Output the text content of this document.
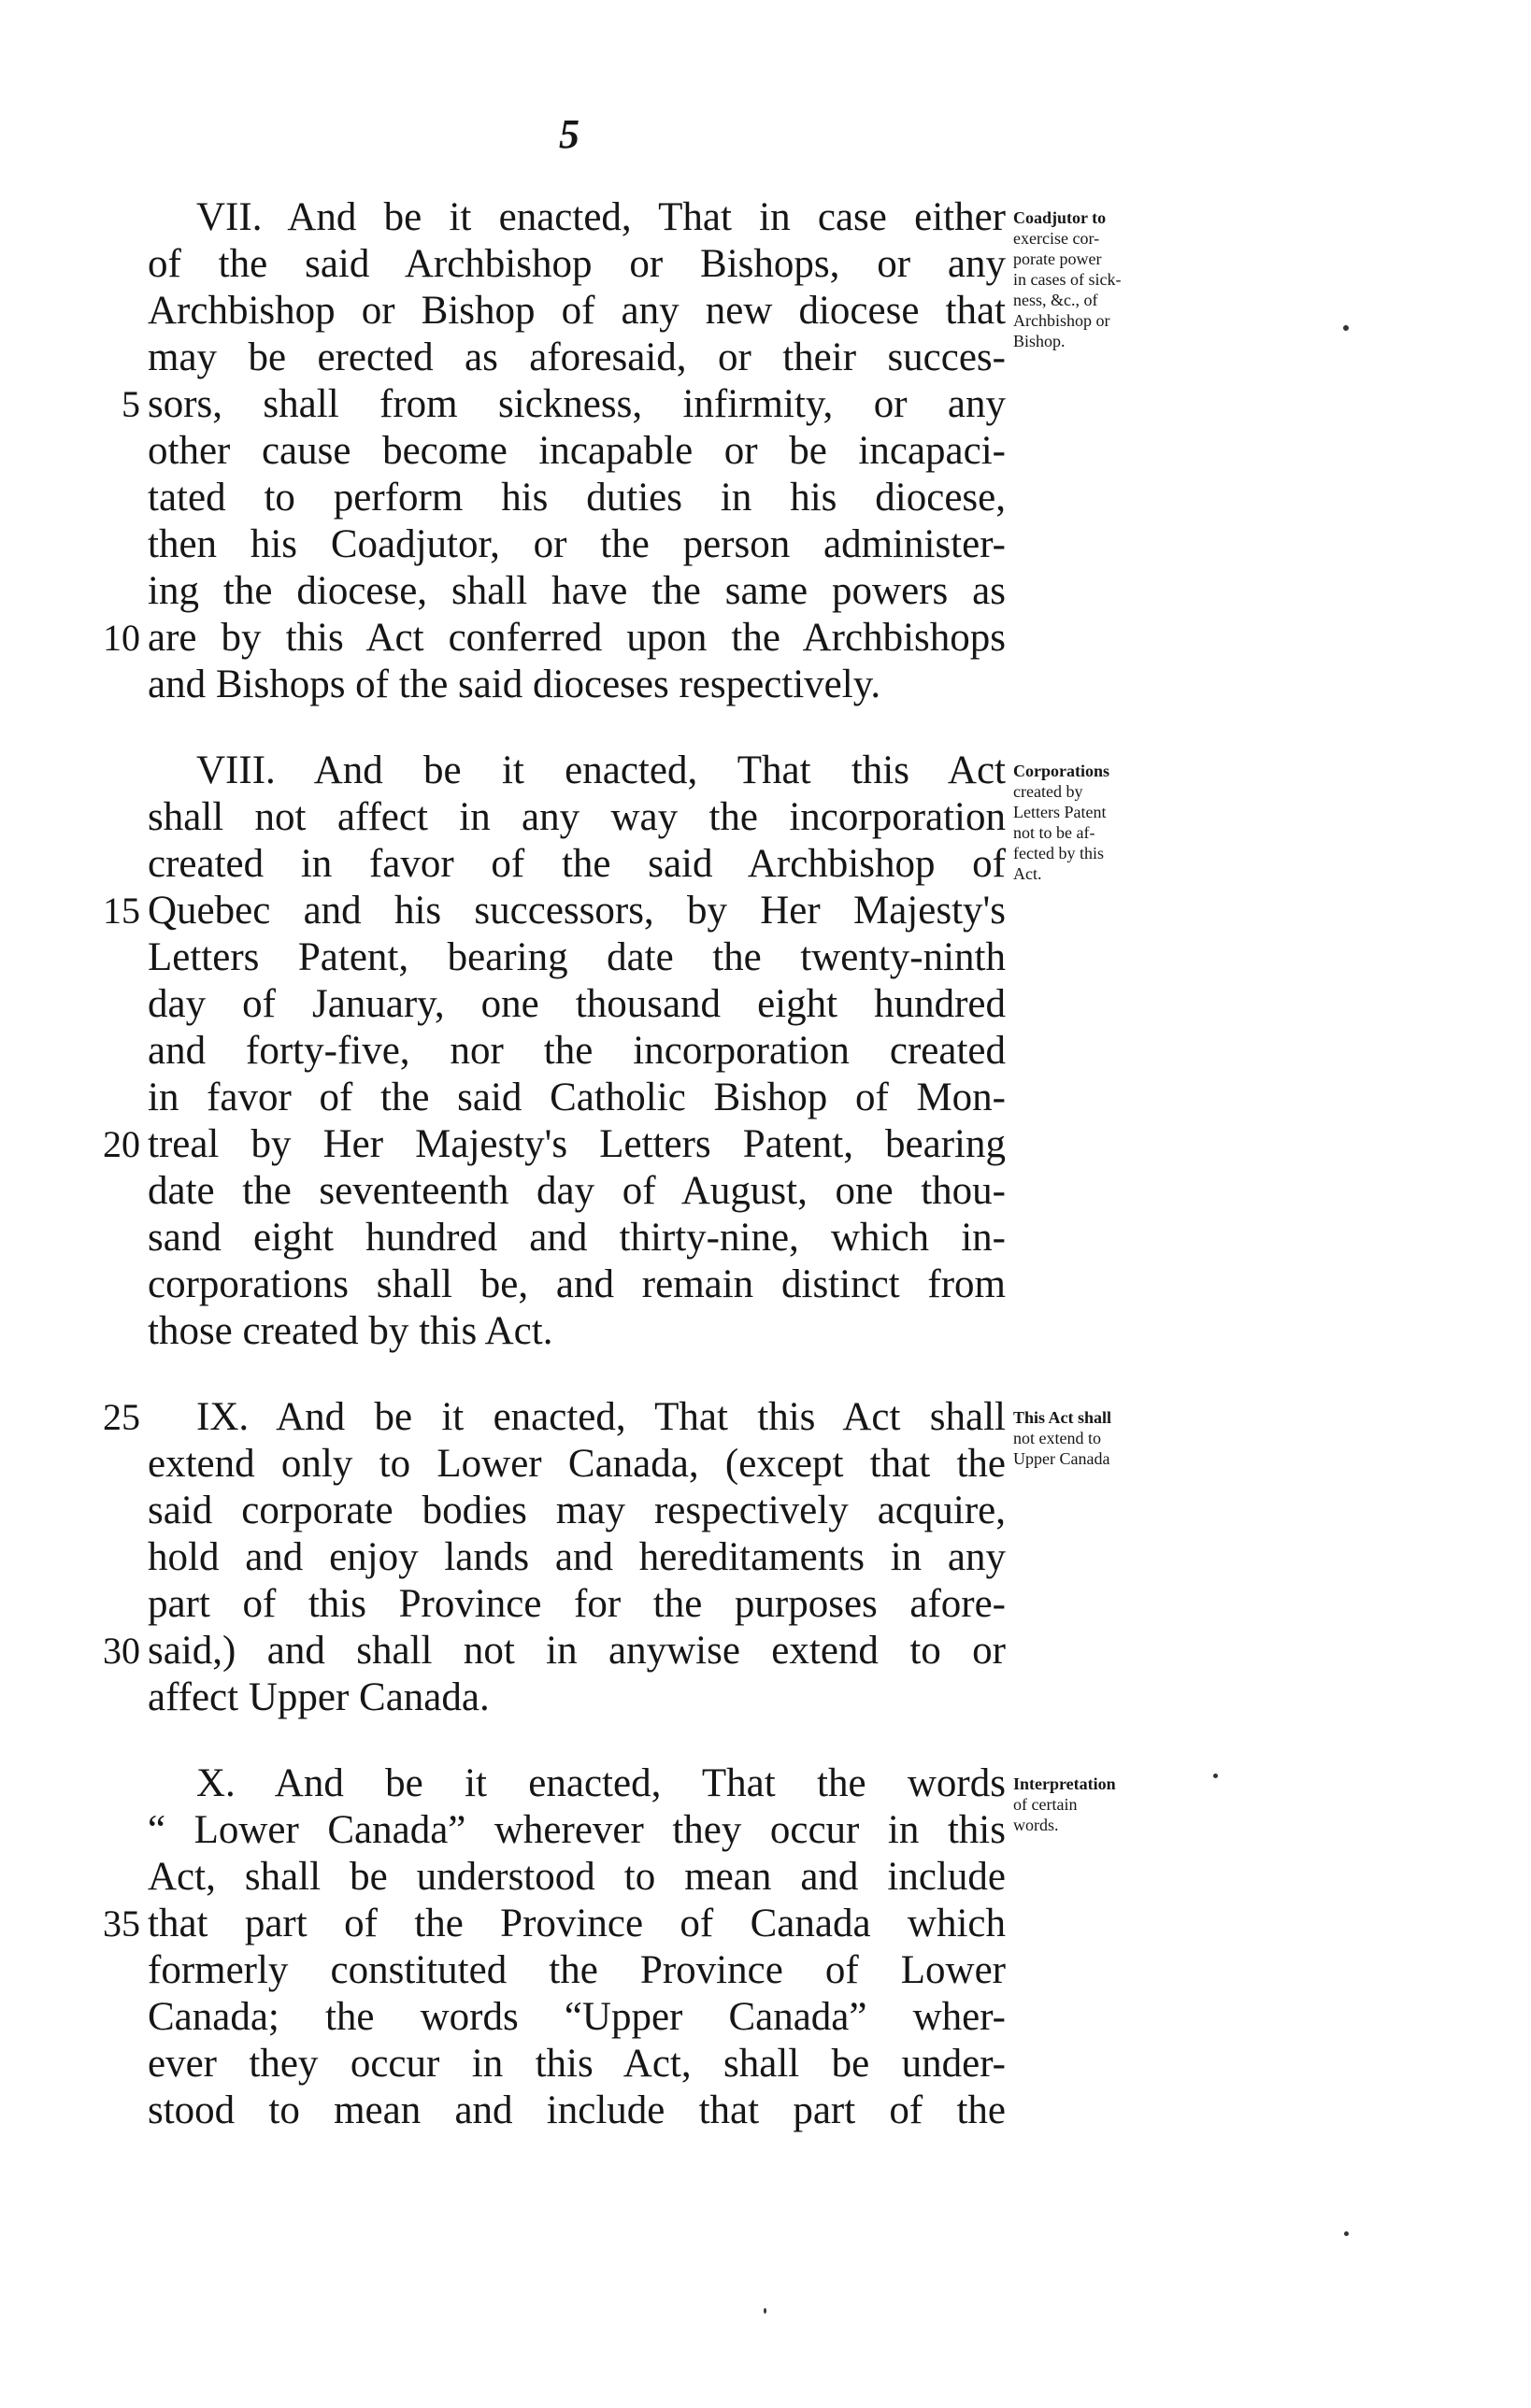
5
VII. And be it enacted, That in case either
of the said Archbishop or Bishops, or any
Archbishop or Bishop of any new diocese that
may be erected as aforesaid, or their succes-
sors, shall from sickness, infirmity, or any
other cause become incapable or be incapaci-
tated to perform his duties in his diocese,
then his Coadjutor, or the person administer-
ing the diocese, shall have the same powers as
are by this Act conferred upon the Archbishops
and Bishops of the said dioceses respectively.
5
10
Coadjutor to
exercise cor-
porate power
in cases of sick-
ness, &c., of
Archbishop or
Bishop.
VIII. And be it enacted, That this Act
shall not affect in any way the incorporation
created in favor of the said Archbishop of
Quebec and his successors, by Her Majesty's
Letters Patent, bearing date the twenty-ninth
day of January, one thousand eight hundred
and forty-five, nor the incorporation created
in favor of the said Catholic Bishop of Mon-
treal by Her Majesty's Letters Patent, bearing
date the seventeenth day of August, one thou-
sand eight hundred and thirty-nine, which in-
corporations shall be, and remain distinct from
those created by this Act.
15
20
Corporations
created by
Letters Patent
not to be af-
fected by this
Act.
IX. And be it enacted, That this Act shall
extend only to Lower Canada, (except that the
said corporate bodies may respectively acquire,
hold and enjoy lands and hereditaments in any
part of this Province for the purposes afore-
said,) and shall not in anywise extend to or
affect Upper Canada.
25
30
This Act shall
not extend to
Upper Canada
X. And be it enacted, That the words
“ Lower Canada” wherever they occur in this
Act, shall be understood to mean and include
that part of the Province of Canada which
formerly constituted the Province of Lower
Canada; the words “Upper Canada” wher-
ever they occur in this Act, shall be under-
stood to mean and include that part of the
35
Interpretation
of certain
words.
